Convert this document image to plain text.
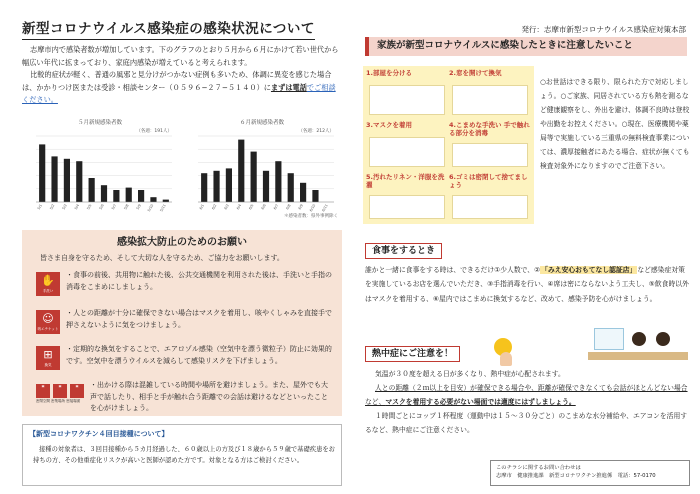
新型コロナウイルス感染症の感染状況について	発行：志摩市新型コロナウイルス感染症対策本部

志摩市内で感染者数が増加しています。下のグラフのとおり５月から６月にかけて若い世代から幅広い年代に拡まっており、家庭内感染が増えていると考えられます。

比較的症状が軽く、普通の風邪と見分けがつかない症例も多いため、体調に異変を感じた場合は、かかりつけ医または受診・相談センター（０５９６−２７−５１４０）にまずは電話でご相談ください。

５月新規感染者数
（各週：191人）
5/1 5/2 5/3 5/4 5/5 5/6 5/7 5/8 5/9 5/10 5/11
６月新規感染者数
（各週：212人）
6/1 6/2 6/3 6/4 6/5 6/6 6/7 6/8 6/9 6/10 6/11
＊感染者数：県外事例除く
感染拡大防止のためのお願い
皆さま自身を守るため、そして大切な人を守るため、ご協力をお願いします。
✋
手洗い
・食事の前後、共用物に触れた後、公共交通機関を利用された後は、手洗いと手指の消毒をこまめにしましょう。
☺
咳エチケット
・人との距離が十分に確保できない場合はマスクを着用し、咳やくしゃみを直接手で押さえないように気をつけましょう。
⊞
換気
・定期的な換気をすることで、エアロゾル感染（空気中を漂う微粒子）防止に効果的です。空気中を漂うウイルスを減らして感染リスクを下げましょう。
▣	▣	▣
密閉空間 密集場所 密接場面
・出かける際は混雑している時間や場所を避けましょう。また、屋外でも大声で話したり、相手と手が触れ合う距離での会話は避けるなどといったことを心がけましょう。
【新型コロナワクチン４回目接種について】
接種の対象者は、３回目接種から５カ月経過した、６０歳以上の方及び１８歳から５９歳で基礎疾患をお持ちの方、その他重症化リスクが高いと医師が認めた方です。対象となる方はご検討ください。
家族が新型コロナウイルスに感染したときに注意したいこと
1.部屋を分ける	2.窓を開けて換気
3.マスクを着用	4.こまめな手洗い 手で触れる部分を消毒
5.汚れたリネン・洋服を洗濯
6.ゴミは密閉して捨てましょう
○お世話はできる限り、限られた方で対応しましょう。○ご家族、同居されている方も熱を測るなど健康観察をし、外出を避け、体調不良時は登校や出勤をお控えください。○現在、医療機関や薬局等で実施している三重県の無料検査事業については、濃厚接触者にあたる場合、症状が無くても検査対象外になりますのでご注意下さい。
食事をするとき
誰かと一緒に食事をする時は、できるだけ①少人数で、②「みえ安心おもてなし認証店」など感染症対策を実施しているお店を選んでいただき、③手指消毒を行い、④席は密にならないよう工夫し、⑤飲食時以外はマスクを着用する、⑥屋内ではこまめに換気するなど、改めて、感染予防を心がけましょう。
熱中症にご注意を！
気温が３０度を超える日が多くなり、熱中症が心配されます。
人との距離（２ｍ以上を目安）が確保できる場合や、距離が確保できなくても会話がほとんどない場合など、マスクを着用する必要がない場面では適度にはずしましょう。
１時間ごとにコップ１杯程度（運動中は１５〜３０分ごと）のこまめな水分補給や、エアコンを活用するなど、熱中症にご注意ください。
このチラシに関するお問い合わせは
志摩市　健康推進課　新型コロナワクチン推進係　電話：57-0170
